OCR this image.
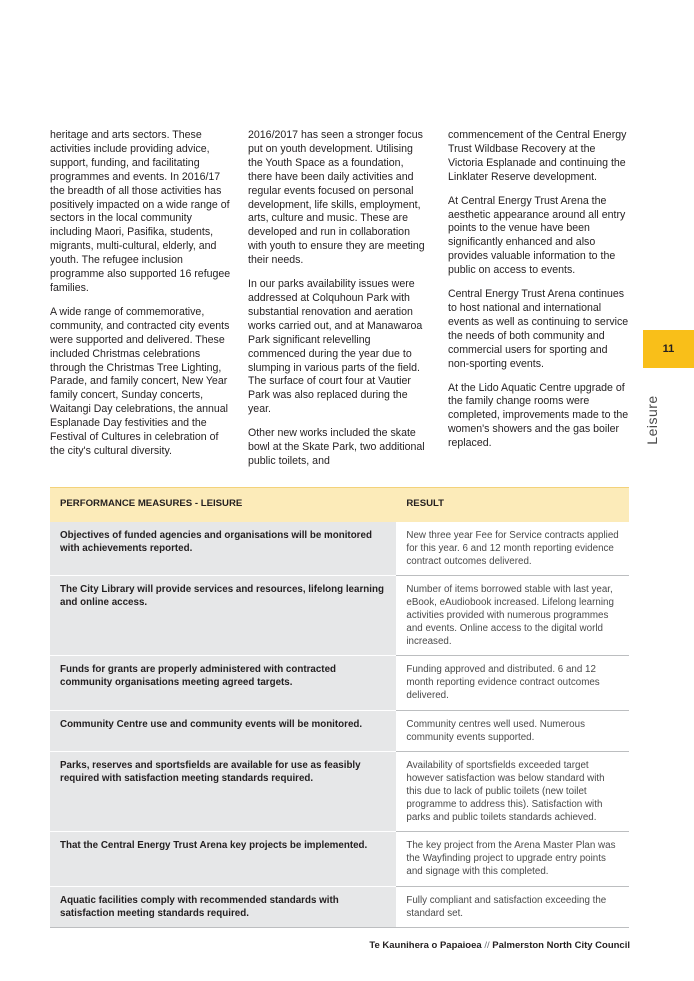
heritage and arts sectors. These activities include providing advice, support, funding, and facilitating programmes and events. In 2016/17 the breadth of all those activities has positively impacted on a wide range of sectors in the local community including Maori, Pasifika, students, migrants, multi-cultural, elderly, and youth. The refugee inclusion programme also supported 16 refugee families.

A wide range of commemorative, community, and contracted city events were supported and delivered. These included Christmas celebrations through the Christmas Tree Lighting, Parade, and family concert, New Year family concert, Sunday concerts, Waitangi Day celebrations, the annual Esplanade Day festivities and the Festival of Cultures in celebration of the city's cultural diversity.

2016/2017 has seen a stronger focus put on youth development. Utilising the Youth Space as a foundation, there have been daily activities and regular events focused on personal development, life skills, employment, arts, culture and music. These are developed and run in collaboration with youth to ensure they are meeting their needs.

In our parks availability issues were addressed at Colquhoun Park with substantial renovation and aeration works carried out, and at Manawaroa Park significant relevelling commenced during the year due to slumping in various parts of the field. The surface of court four at Vautier Park was also replaced during the year.

Other new works included the skate bowl at the Skate Park, two additional public toilets, and

commencement of the Central Energy Trust Wildbase Recovery at the Victoria Esplanade and continuing the Linklater Reserve development.

At Central Energy Trust Arena the aesthetic appearance around all entry points to the venue have been significantly enhanced and also provides valuable information to the public on access to events.

Central Energy Trust Arena continues to host national and international events as well as continuing to service the needs of both community and commercial users for sporting and non-sporting events.

At the Lido Aquatic Centre upgrade of the family change rooms were completed, improvements made to the women's showers and the gas boiler replaced.

11
Leisure
PERFORMANCE MEASURES - LEISURE	RESULT
Objectives of funded agencies and organisations will be monitored with achievements reported.	New three year Fee for Service contracts applied for this year. 6 and 12 month reporting evidence contract outcomes delivered.
The City Library will provide services and resources, lifelong learning and online access.	Number of items borrowed stable with last year, eBook, eAudiobook increased. Lifelong learning activities provided with numerous programmes and events. Online access to the digital world increased.
Funds for grants are properly administered with contracted community organisations meeting agreed targets.	Funding approved and distributed. 6 and 12 month reporting evidence contract outcomes delivered.
Community Centre use and community events will be monitored.	Community centres well used. Numerous community events supported.
Parks, reserves and sportsfields are available for use as feasibly required with satisfaction meeting standards required.	Availability of sportsfields exceeded target however satisfaction was below standard with this due to lack of public toilets (new toilet programme to address this). Satisfaction with parks and public toilets standards achieved.
That the Central Energy Trust Arena key projects be implemented.	The key project from the Arena Master Plan was the Wayfinding project to upgrade entry points and signage with this completed.
Aquatic facilities comply with recommended standards with satisfaction meeting standards required.	Fully compliant and satisfaction exceeding the standard set.
Te Kaunihera o Papaioea // Palmerston North City Council
